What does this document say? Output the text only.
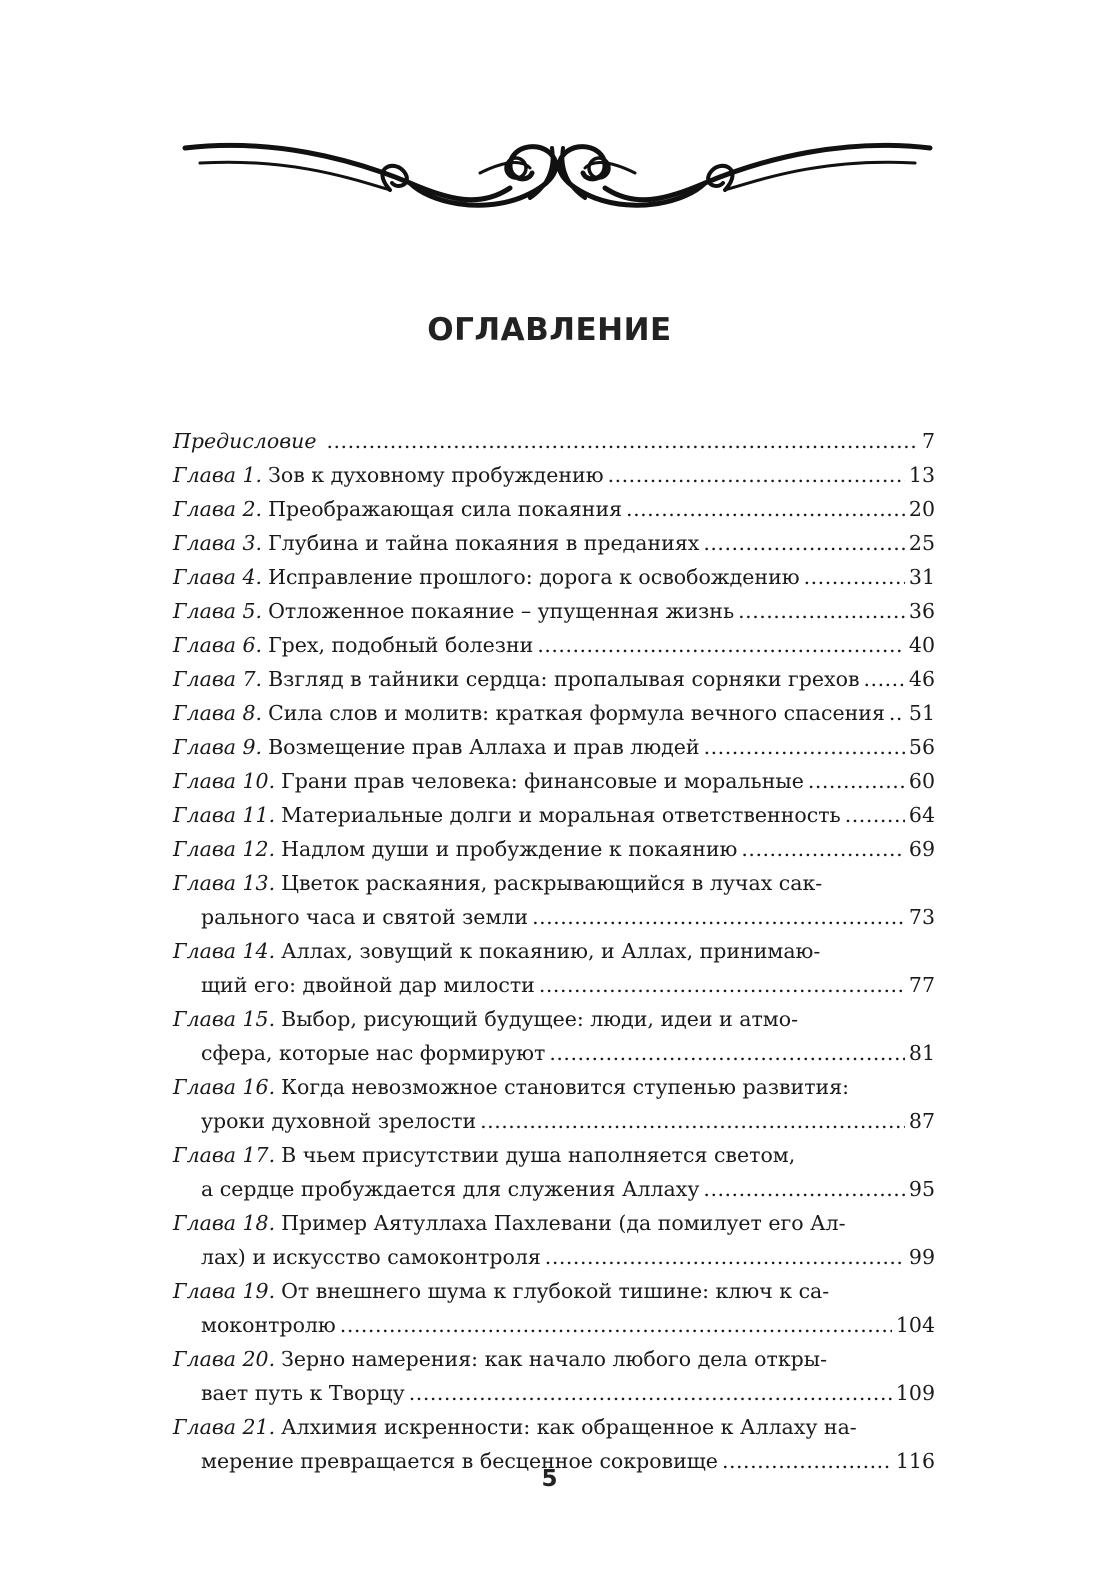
ОГЛАВЛЕНИЕ
Предисловие . . .	7
Глава 1. Зов к духовному пробуждению . . .	13
Глава 2. Преображающая сила покаяния . . .	20
Глава 3. Глубина и тайна покаяния в преданиях . . .	25
Глава 4. Исправление прошлого: дорога к освобождению . . .	31
Глава 5. Отложенное покаяние – упущенная жизнь . . .	36
Глава 6. Грех, подобный болезни . . .	40
Глава 7. Взгляд в тайники сердца: пропалывая сорняки грехов . . . 46
Глава 8. Сила слов и молитв: краткая формула вечного спасения . . . 51
Глава 9. Возмещение прав Аллаха и прав людей . . .	56
Глава 10. Грани прав человека: финансовые и моральные . . .	60
Глава 11. Материальные долги и моральная ответственность . . .	64
Глава 12. Надлом души и пробуждение к покаянию . . .	69
Глава 13. Цветок раскаяния, раскрывающийся в лучах сак-
рального часа и святой земли . . .	73
Глава 14. Аллах, зовущий к покаянию, и Аллах, принимаю-
щий его: двойной дар милости . . .	77
Глава 15. Выбор, рисующий будущее: люди, идеи и атмо-
сфера, которые нас формируют . . .	81
Глава 16. Когда невозможное становится ступенью развития:
уроки духовной зрелости . . .	87
Глава 17. В чьем присутствии душа наполняется светом,
а сердце пробуждается для служения Аллаху . . .	95
Глава 18. Пример Аятуллаха Пахлевани (да помилует его Ал-
лах) и искусство самоконтроля . . .	99
Глава 19. От внешнего шума к глубокой тишине: ключ к са-
моконтролю . . .	104
Глава 20. Зерно намерения: как начало любого дела откры-
вает путь к Творцу . . .	109
Глава 21. Алхимия искренности: как обращенное к Аллаху на-
мерение превращается в бесценное сокровище . . .	116
5
